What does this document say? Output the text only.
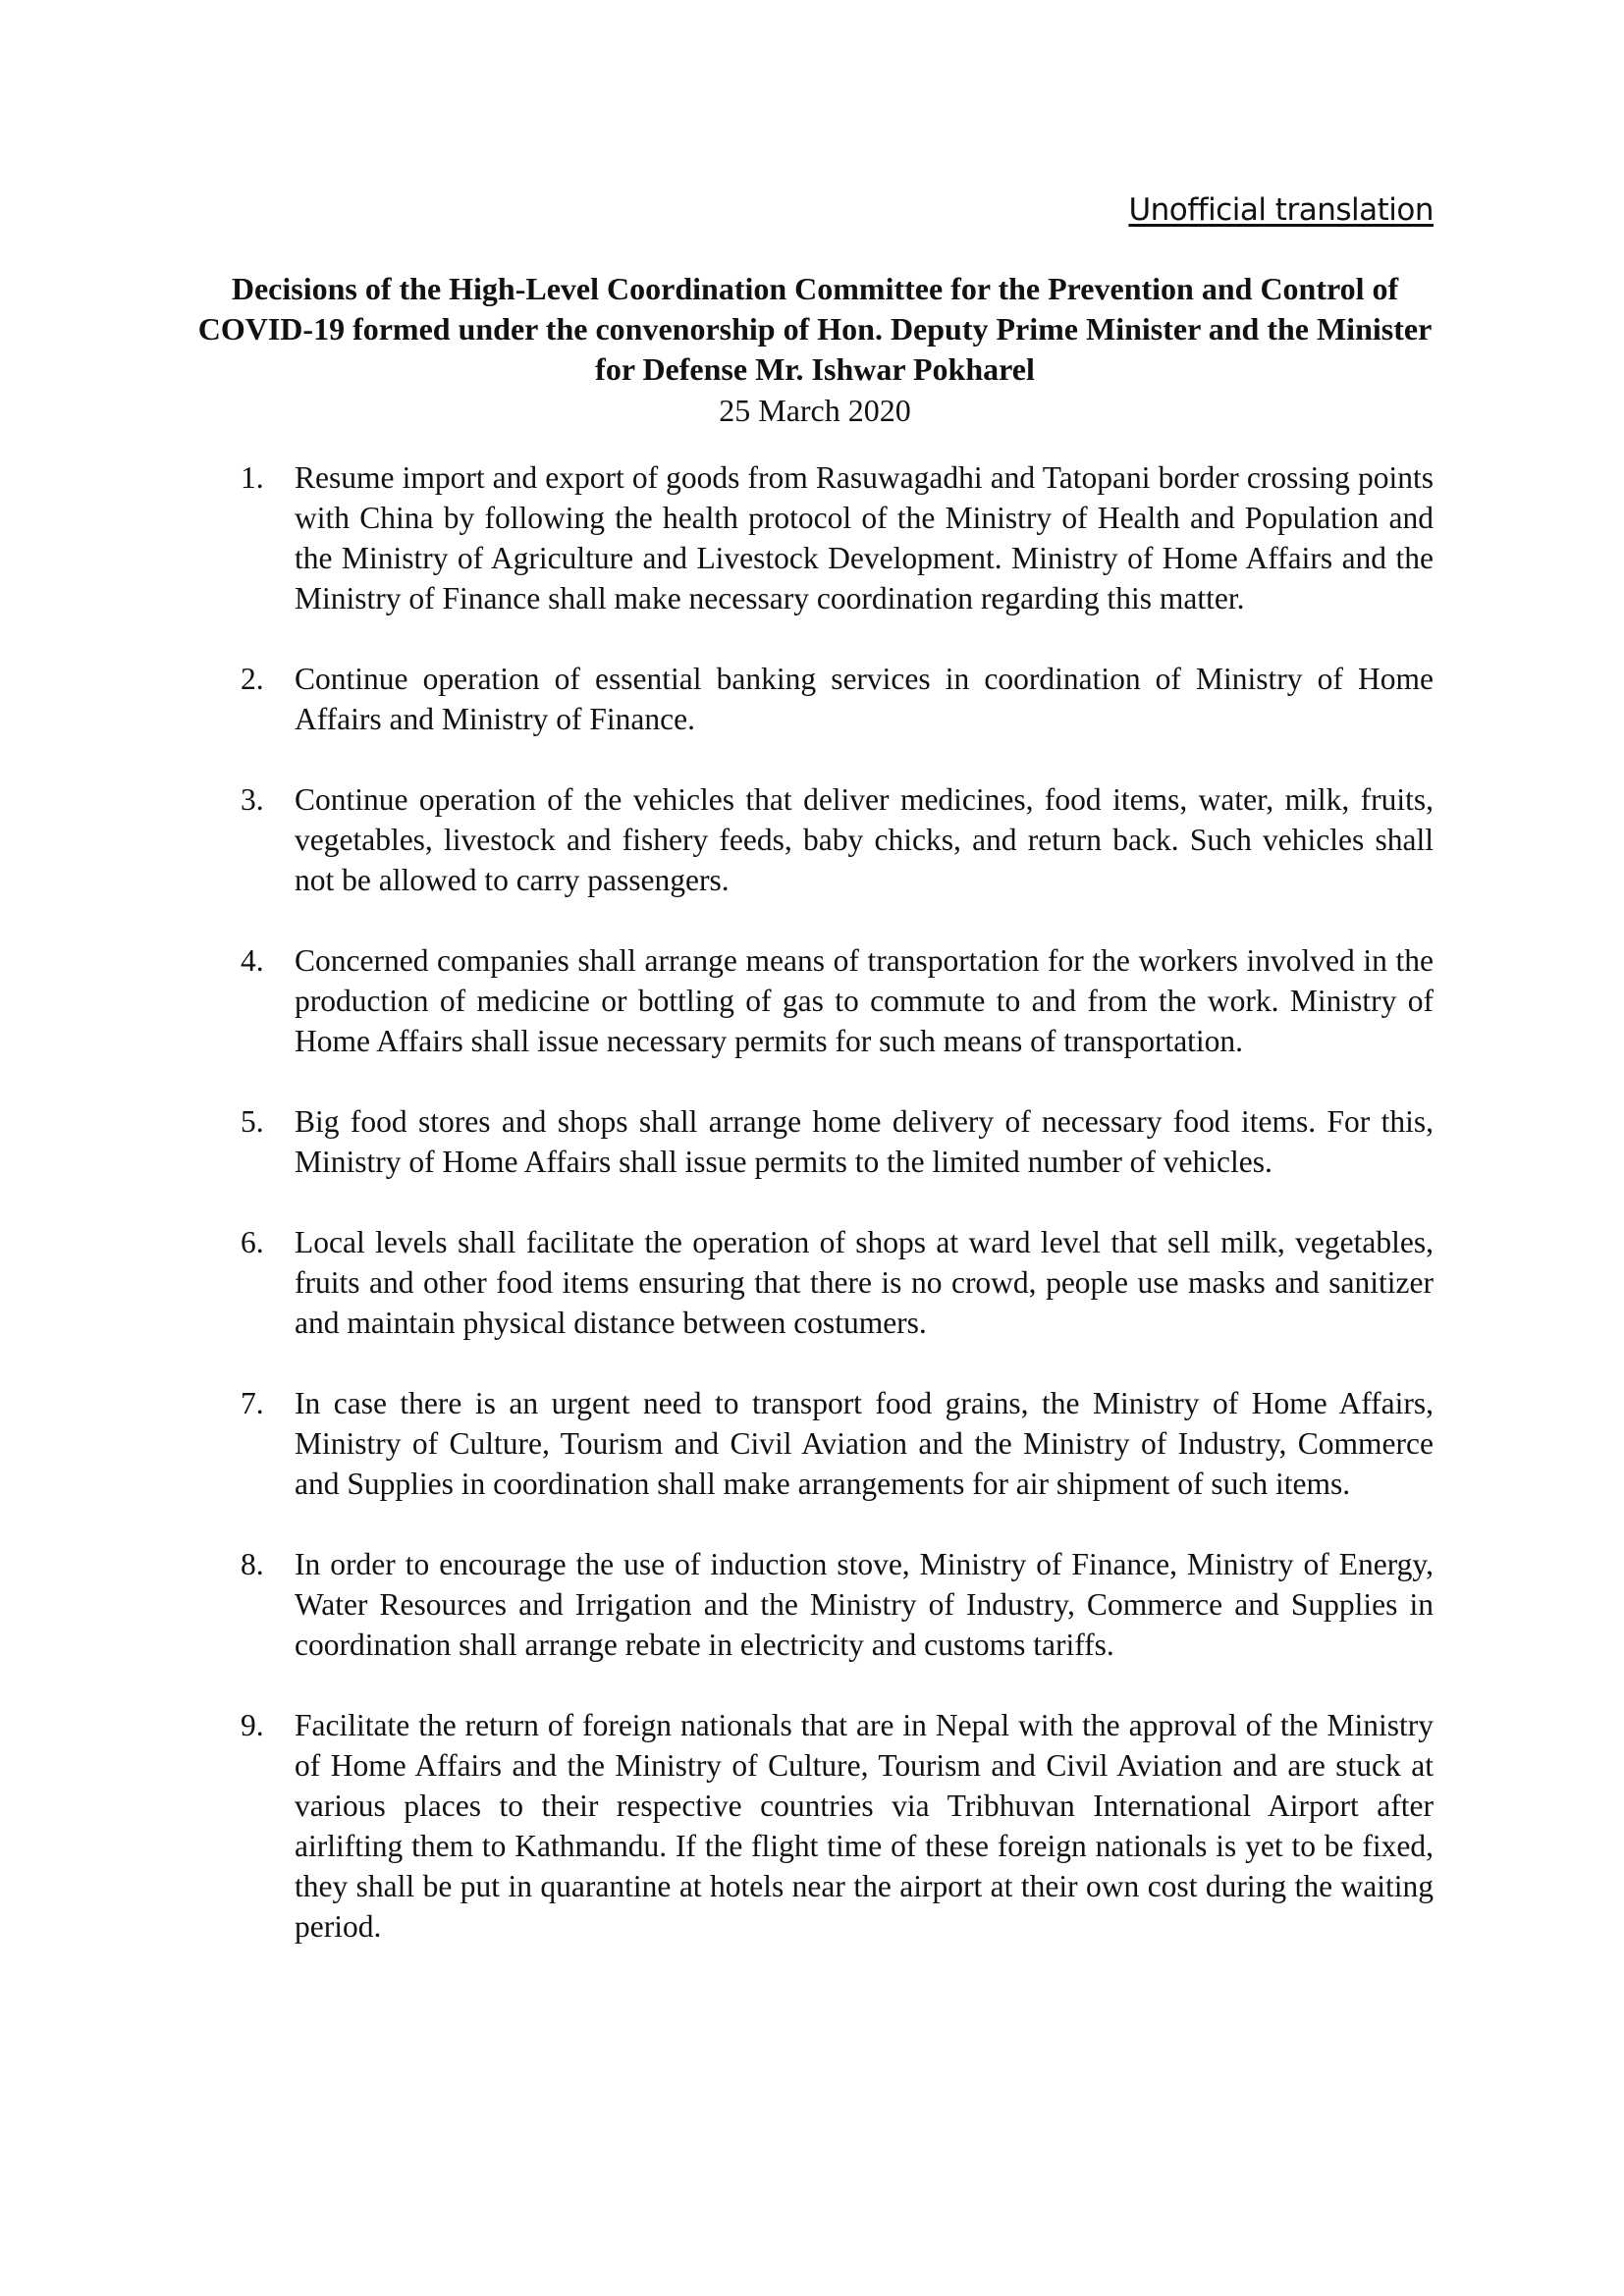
Unofficial translation
Decisions of the High-Level Coordination Committee for the Prevention and Control of COVID-19 formed under the convenorship of Hon. Deputy Prime Minister and the Minister for Defense Mr. Ishwar Pokharel
25 March 2020
1. Resume import and export of goods from Rasuwagadhi and Tatopani border crossing points with China by following the health protocol of the Ministry of Health and Population and the Ministry of Agriculture and Livestock Development. Ministry of Home Affairs and the Ministry of Finance shall make necessary coordination regarding this matter.
2. Continue operation of essential banking services in coordination of Ministry of Home Affairs and Ministry of Finance.
3. Continue operation of the vehicles that deliver medicines, food items, water, milk, fruits, vegetables, livestock and fishery feeds, baby chicks, and return back. Such vehicles shall not be allowed to carry passengers.
4. Concerned companies shall arrange means of transportation for the workers involved in the production of medicine or bottling of gas to commute to and from the work. Ministry of Home Affairs shall issue necessary permits for such means of transportation.
5. Big food stores and shops shall arrange home delivery of necessary food items. For this, Ministry of Home Affairs shall issue permits to the limited number of vehicles.
6. Local levels shall facilitate the operation of shops at ward level that sell milk, vegetables, fruits and other food items ensuring that there is no crowd, people use masks and sanitizer and maintain physical distance between costumers.
7. In case there is an urgent need to transport food grains, the Ministry of Home Affairs, Ministry of Culture, Tourism and Civil Aviation and the Ministry of Industry, Commerce and Supplies in coordination shall make arrangements for air shipment of such items.
8. In order to encourage the use of induction stove, Ministry of Finance, Ministry of Energy, Water Resources and Irrigation and the Ministry of Industry, Commerce and Supplies in coordination shall arrange rebate in electricity and customs tariffs.
9. Facilitate the return of foreign nationals that are in Nepal with the approval of the Ministry of Home Affairs and the Ministry of Culture, Tourism and Civil Aviation and are stuck at various places to their respective countries via Tribhuvan International Airport after airlifting them to Kathmandu. If the flight time of these foreign nationals is yet to be fixed, they shall be put in quarantine at hotels near the airport at their own cost during the waiting period.
